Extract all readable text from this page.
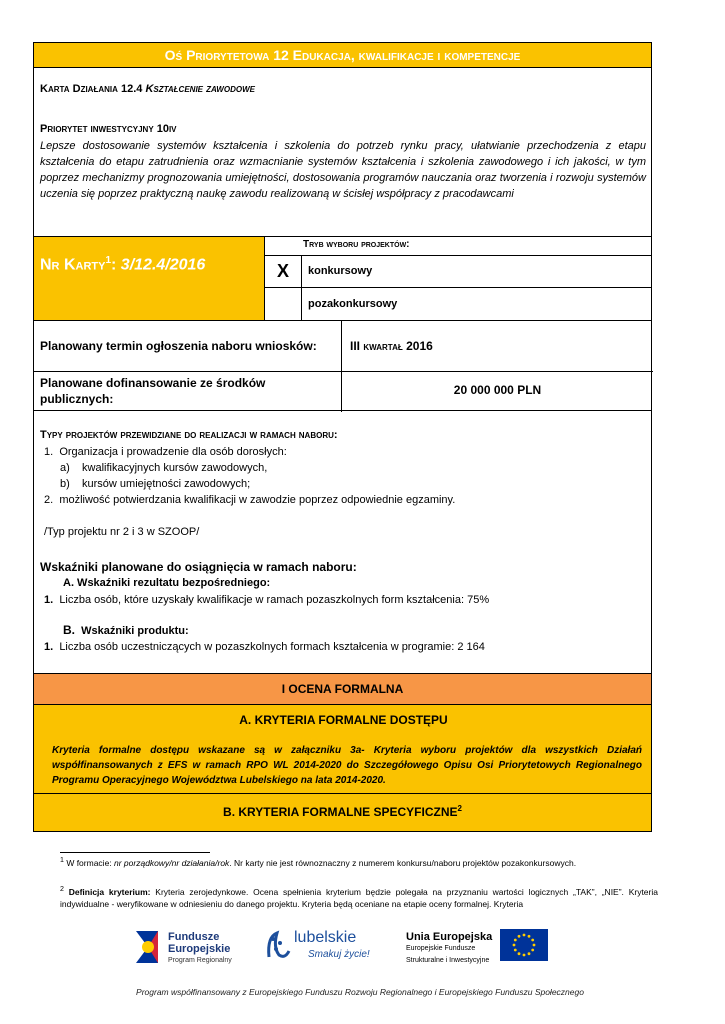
Oś Priorytetowa 12 Edukacja, kwalifikacje i kompetencje
Karta Działania 12.4 Kształcenie zawodowe
Priorytet inwestycyjny 10iv

Lepsze dostosowanie systemów kształcenia i szkolenia do potrzeb rynku pracy, ułatwianie przechodzenia z etapu kształcenia do etapu zatrudnienia oraz wzmacnianie systemów kształcenia i szkolenia zawodowego i ich jakości, w tym poprzez mechanizmy prognozowania umiejętności, dostosowania programów nauczania oraz tworzenia i rozwoju systemów uczenia się poprzez praktyczną naukę zawodu realizowaną w ścisłej współpracy z pracodawcami

Nr Karty$^1$: 3/12.4/2016
Tryb wyboru projektów:
X	konkursowy
pozakonkursowy

Planowany termin ogłoszenia naboru wniosków:	III kwartał 2016

Planowane dofinansowanie ze środków publicznych:

20 000 000 PLN
Typy projektów przewidziane do realizacji w ramach naboru:
1. Organizacja i prowadzenie dla osób dorosłych:
a) kwalifikacyjnych kursów zawodowych,
b) kursów umiejętności zawodowych;
2. możliwość potwierdzania kwalifikacji w zawodzie poprzez odpowiednie egzaminy.
/Typ projektu nr 2 i 3 w SZOOP/
Wskaźniki planowane do osiągnięcia w ramach naboru:
A. Wskaźniki rezultatu bezpośredniego:
1. Liczba osób, które uzyskały kwalifikacje w ramach pozaszkolnych form kształcenia: 75%
B. Wskaźniki produktu:
1. Liczba osób uczestniczących w pozaszkolnych formach kształcenia w programie: 2 164
I OCENA FORMALNA
A. KRYTERIA FORMALNE DOSTĘPU

Kryteria formalne dostępu wskazane są w załączniku 3a- Kryteria wyboru projektów dla wszystkich Działań współfinansowanych z EFS w ramach RPO WL 2014-2020 do Szczegółowego Opisu Osi Priorytetowych Regionalnego Programu Operacyjnego Województwa Lubelskiego na lata 2014-2020.

B. KRYTERIA FORMALNE SPECYFICZNE$^2$
$^1$ W formacie: nr porządkowy/nr działania/rok. Nr karty nie jest równoznaczny z numerem konkursu/naboru projektów pozakonkursowych.

$^2$ Definicja kryterium: Kryteria zerojedynkowe. Ocena spełnienia kryterium będzie polegała na przyznaniu wartości logicznych „TAK”, „NIE”. Kryteria indywidualne - weryfikowane w odniesieniu do danego projektu. Kryteria będą oceniane na etapie oceny formalnej. Kryteria

Fundusze
Europejskie
Program Regionalny
lubelskie
Smakuj życie!
Unia Europejska
Europejskie Fundusze
Strukturalne i Inwestycyjne
Program współfinansowany z Europejskiego Funduszu Rozwoju Regionalnego i Europejskiego Funduszu Społecznego
